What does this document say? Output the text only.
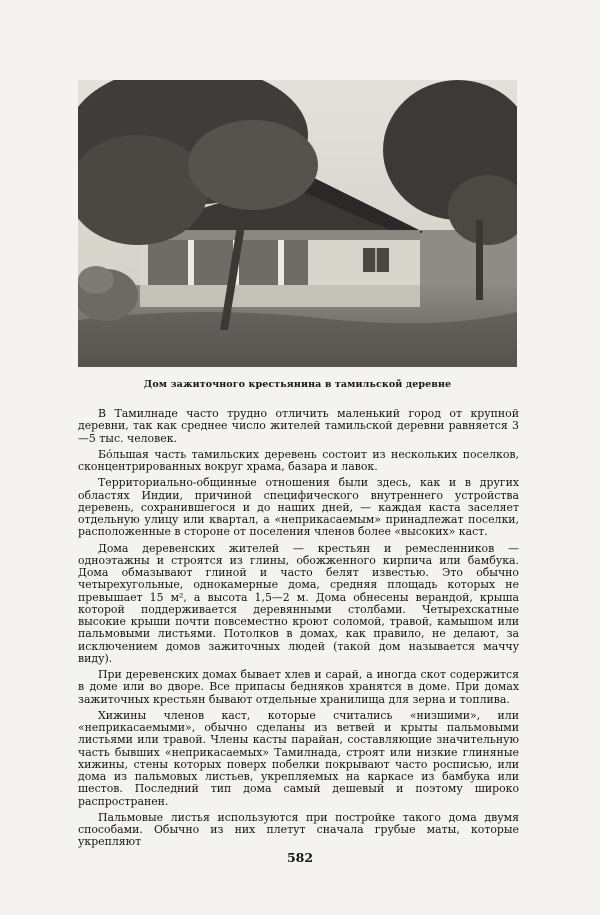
Дом зажиточного крестьянина в тамильской деревне

В Тамилнаде часто трудно отличить маленький город от крупной деревни, так как среднее число жителей тамильской деревни равняется 3—5 тыс. человек.

Бо́льшая часть тамильских деревень состоит из нескольких поселков, сконцентрированных вокруг храма, базара и лавок.

Территориально-общинные отношения были здесь, как и в других областях Индии, причиной специфического внутреннего устройства деревень, сохранившегося и до наших дней, — каждая каста заселяет отдельную улицу или квартал, а «неприкасаемым» принадлежат поселки, расположенные в стороне от поселения членов более «высоких» каст.

Дома деревенских жителей — крестьян и ремесленников — одноэтажны и строятся из глины, обожженного кирпича или бамбука. Дома обмазывают глиной и часто белят известью. Это обычно четырехугольные, однокамерные дома, средняя площадь которых не превышает 15 м², а высота 1,5—2 м. Дома обнесены верандой, крыша которой поддерживается деревянными столбами. Четырехскатные высокие крыши почти повсеместно кроют соломой, травой, камышом или пальмовыми листьями. Потолков в домах, как правило, не делают, за исключением домов зажиточных людей (такой дом называется маччу виду).

При деревенских домах бывает хлев и сарай, а иногда скот содержится в доме или во дворе. Все припасы бедняков хранятся в доме. При домах зажиточных крестьян бывают отдельные хранилища для зерна и топлива.

Хижины членов каст, которые считались «низшими», или «неприкасаемыми», обычно сделаны из ветвей и крыты пальмовыми листьями или травой. Члены касты парайан, составляющие значительную часть бывших «неприкасаемых» Тамилнада, строят или низкие глиняные хижины, стены которых поверх побелки покрывают часто росписью, или дома из пальмовых листьев, укрепляемых на каркасе из бамбука или шестов. Последний тип дома самый дешевый и поэтому широко распространен.

Пальмовые листья используются при постройке такого дома двумя способами. Обычно из них плетут сначала грубые маты, которые укрепляют

582
